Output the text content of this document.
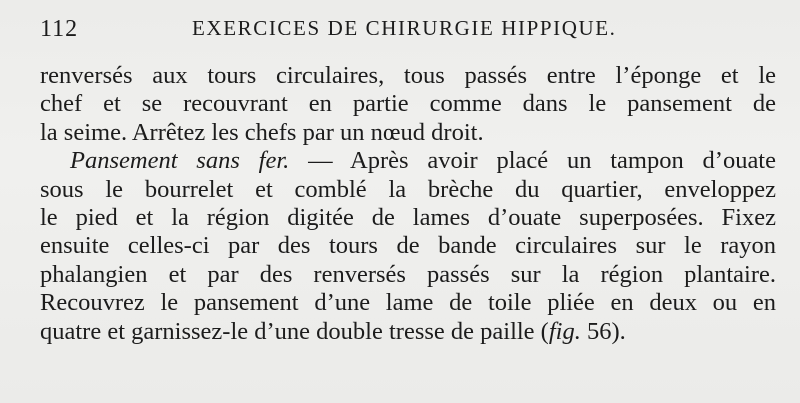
112	EXERCICES DE CHIRURGIE HIPPIQUE.
renversés aux tours circulaires, tous passés entre l’éponge et le
chef et se recouvrant en partie comme dans le pansement de
la seime. Arrêtez les chefs par un nœud droit.
Pansement sans fer. — Après avoir placé un tampon d’ouate
sous le bourrelet et comblé la brèche du quartier, enveloppez
le pied et la région digitée de lames d’ouate superposées. Fixez
ensuite celles-ci par des tours de bande circulaires sur le rayon
phalangien et par des renversés passés sur la région plantaire.
Recouvrez le pansement d’une lame de toile pliée en deux ou en
quatre et garnissez-le d’une double tresse de paille (fig. 56).
